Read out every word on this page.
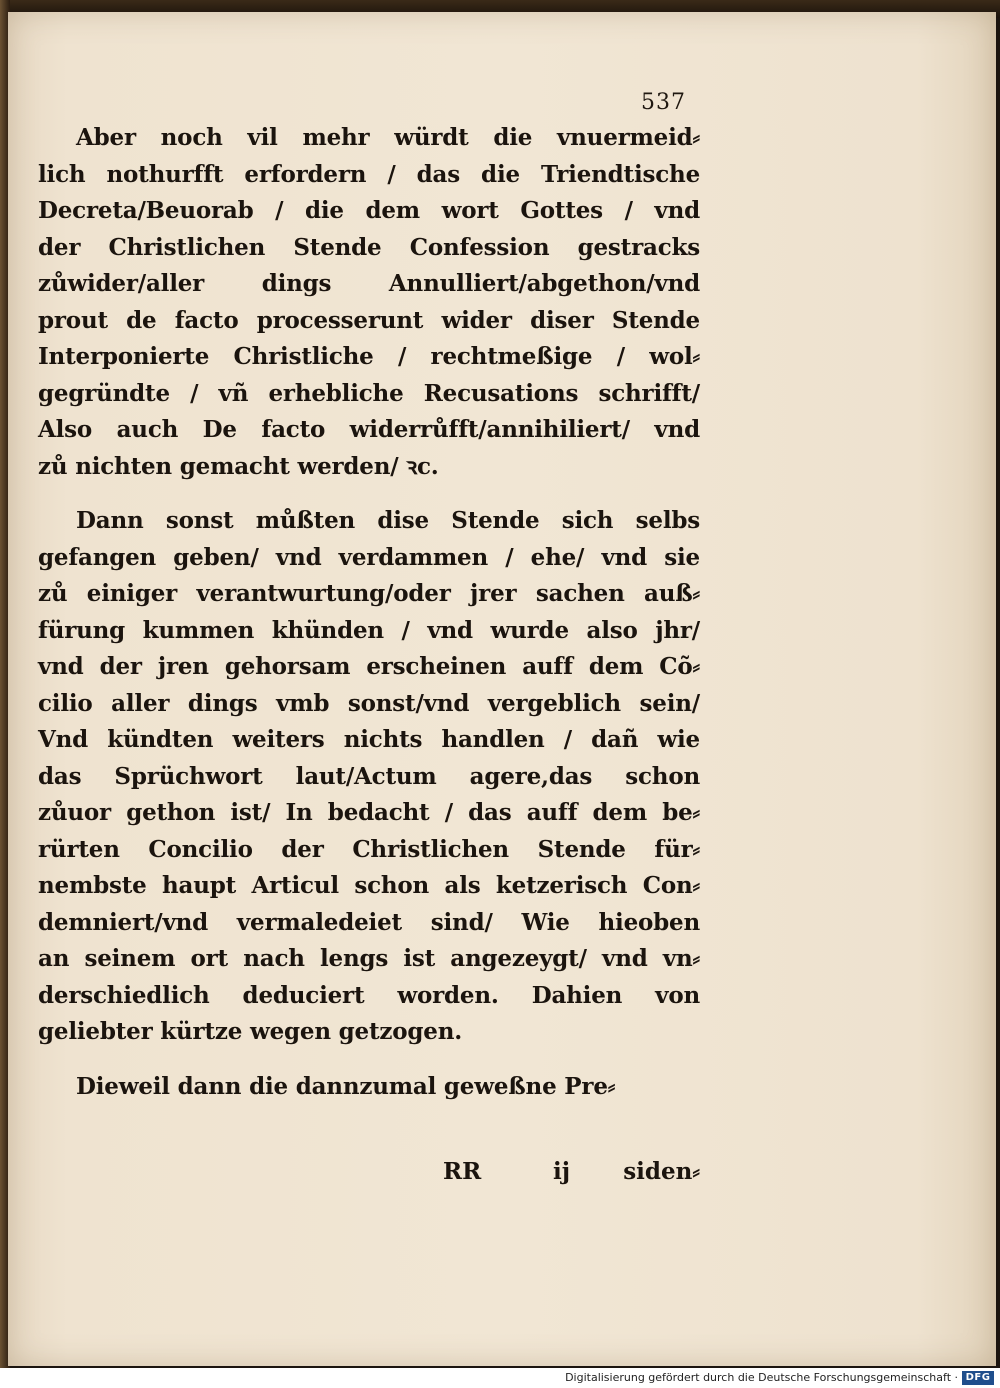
537
Aber noch vil mehr würdt die vnuermeid⸗
lich nothurfft erfordern / das die Triendtische
Decreta/Beuorab / die dem wort Gottes / vnd
der Christlichen Stende Confession gestracks
zůwider/aller dings Annulliert/abgethon/vnd
prout de facto processerunt wider diser Stende
Interponierte Christliche / rechtmeßige / wol⸗
gegründte / vñ erhebliche Recusations schrifft/
Also auch De facto widerrůfft/annihiliert/ vnd
zů nichten gemacht werden/ ꝛc.
Dann sonst můßten dise Stende sich selbs
gefangen geben/ vnd verdammen / ehe/ vnd sie
zů einiger verantwurtung/oder jrer sachen auß⸗
fürung kummen khünden / vnd wurde also jhr/
vnd der jren gehorsam erscheinen auff dem Cõ⸗
cilio aller dings vmb sonst/vnd vergeblich sein/
Vnd kündten weiters nichts handlen / dañ wie
das Sprüchwort laut/Actum agere,das schon
zůuor gethon ist/ In bedacht / das auff dem be⸗
rürten Concilio der Christlichen Stende für⸗
nembste haupt Articul schon als ketzerisch Con⸗
demniert/vnd vermaledeiet sind/ Wie hieoben
an seinem ort nach lengs ist angezeygt/ vnd vn⸗
derschiedlich deduciert worden. Dahien von
geliebter kürtze wegen getzogen.
Dieweil dann die dannzumal geweßne Pre⸗
RR	ij siden⸗
Digitalisierung gefördert durch die Deutsche Forschungsgemeinschaft · DFG
